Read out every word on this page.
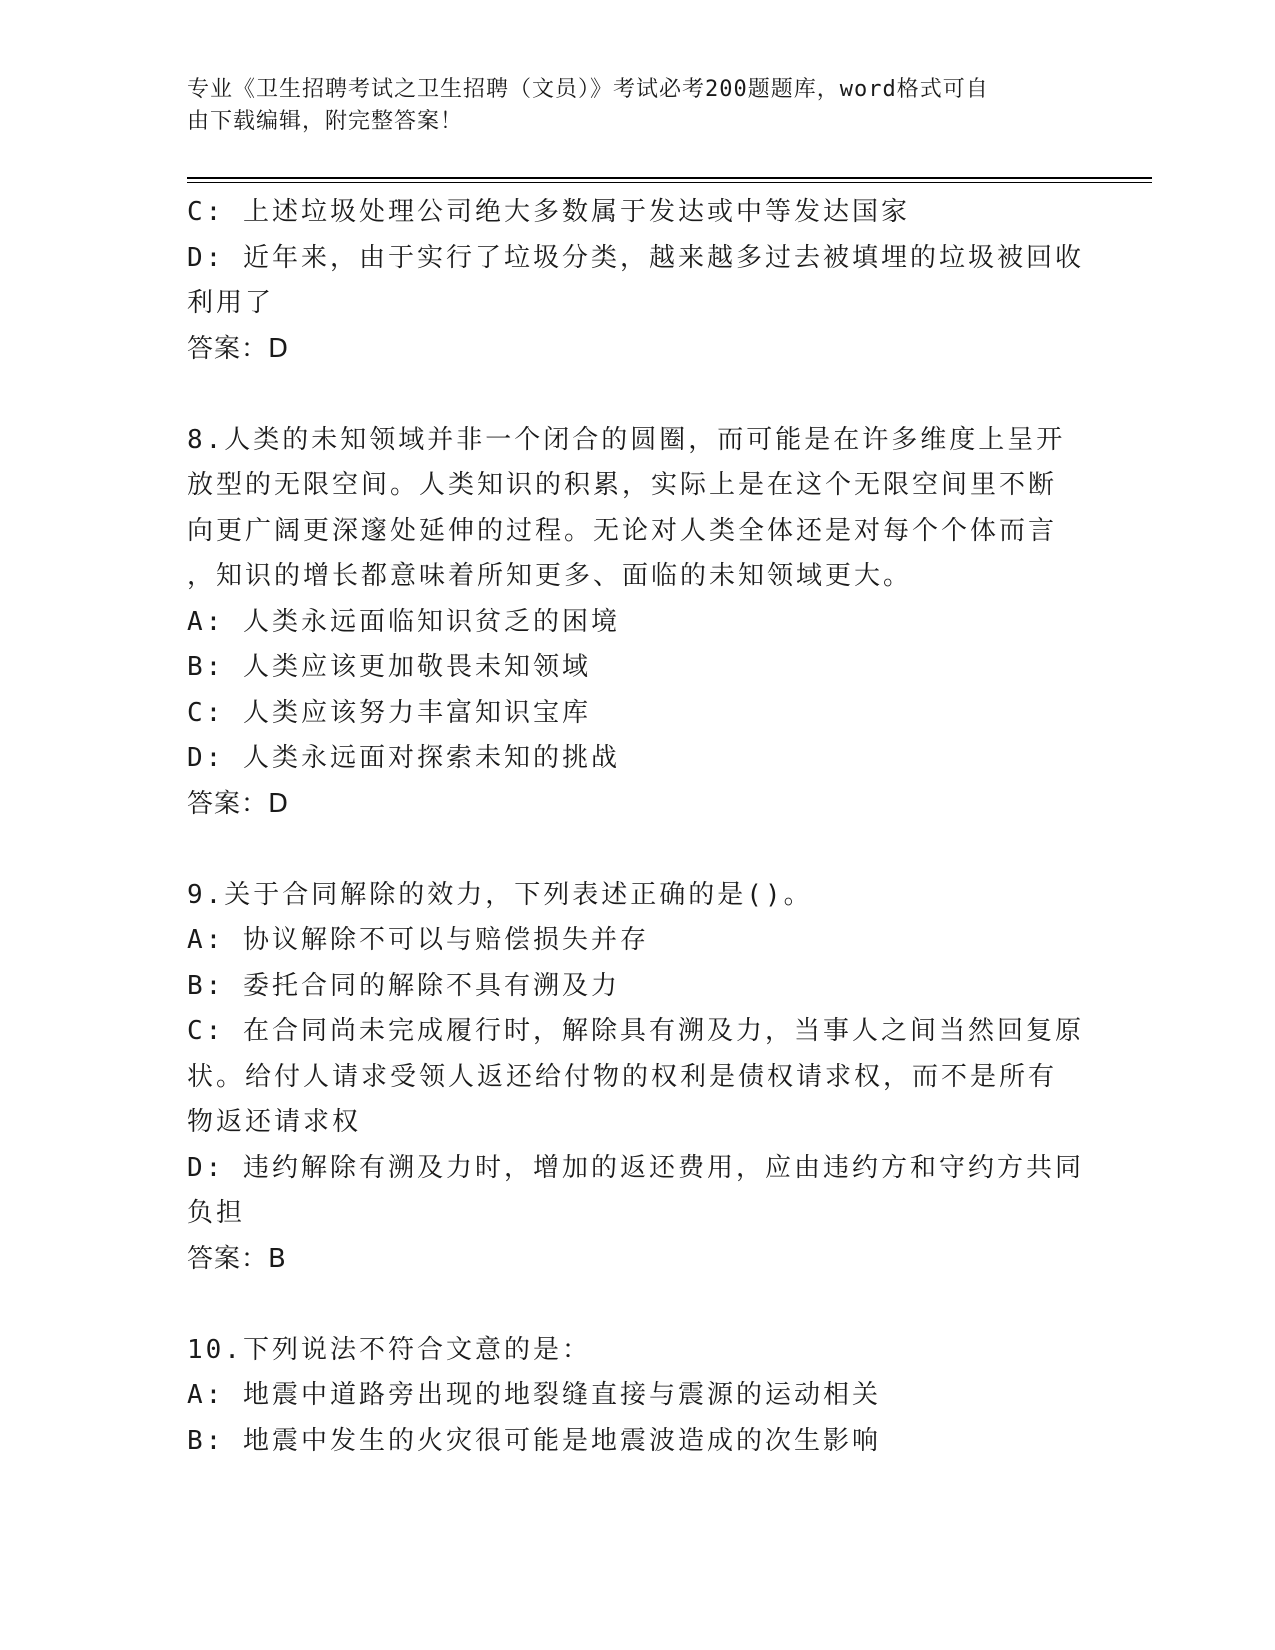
专业《卫生招聘考试之卫生招聘（文员）》考试必考200题题库，word格式可自
由下载编辑，附完整答案！
C: 上述垃圾处理公司绝大多数属于发达或中等发达国家
D: 近年来，由于实行了垃圾分类，越来越多过去被填埋的垃圾被回收
利用了
答案：D
8.人类的未知领域并非一个闭合的圆圈，而可能是在许多维度上呈开
放型的无限空间。人类知识的积累，实际上是在这个无限空间里不断
向更广阔更深邃处延伸的过程。无论对人类全体还是对每个个体而言
，知识的增长都意味着所知更多、面临的未知领域更大。
A: 人类永远面临知识贫乏的困境
B: 人类应该更加敬畏未知领域
C: 人类应该努力丰富知识宝库
D: 人类永远面对探索未知的挑战
答案：D
9.关于合同解除的效力，下列表述正确的是()。
A: 协议解除不可以与赔偿损失并存
B: 委托合同的解除不具有溯及力
C: 在合同尚未完成履行时，解除具有溯及力，当事人之间当然回复原
状。给付人请求受领人返还给付物的权利是债权请求权，而不是所有
物返还请求权
D: 违约解除有溯及力时，增加的返还费用，应由违约方和守约方共同
负担
答案：B
10.下列说法不符合文意的是：
A: 地震中道路旁出现的地裂缝直接与震源的运动相关
B: 地震中发生的火灾很可能是地震波造成的次生影响
